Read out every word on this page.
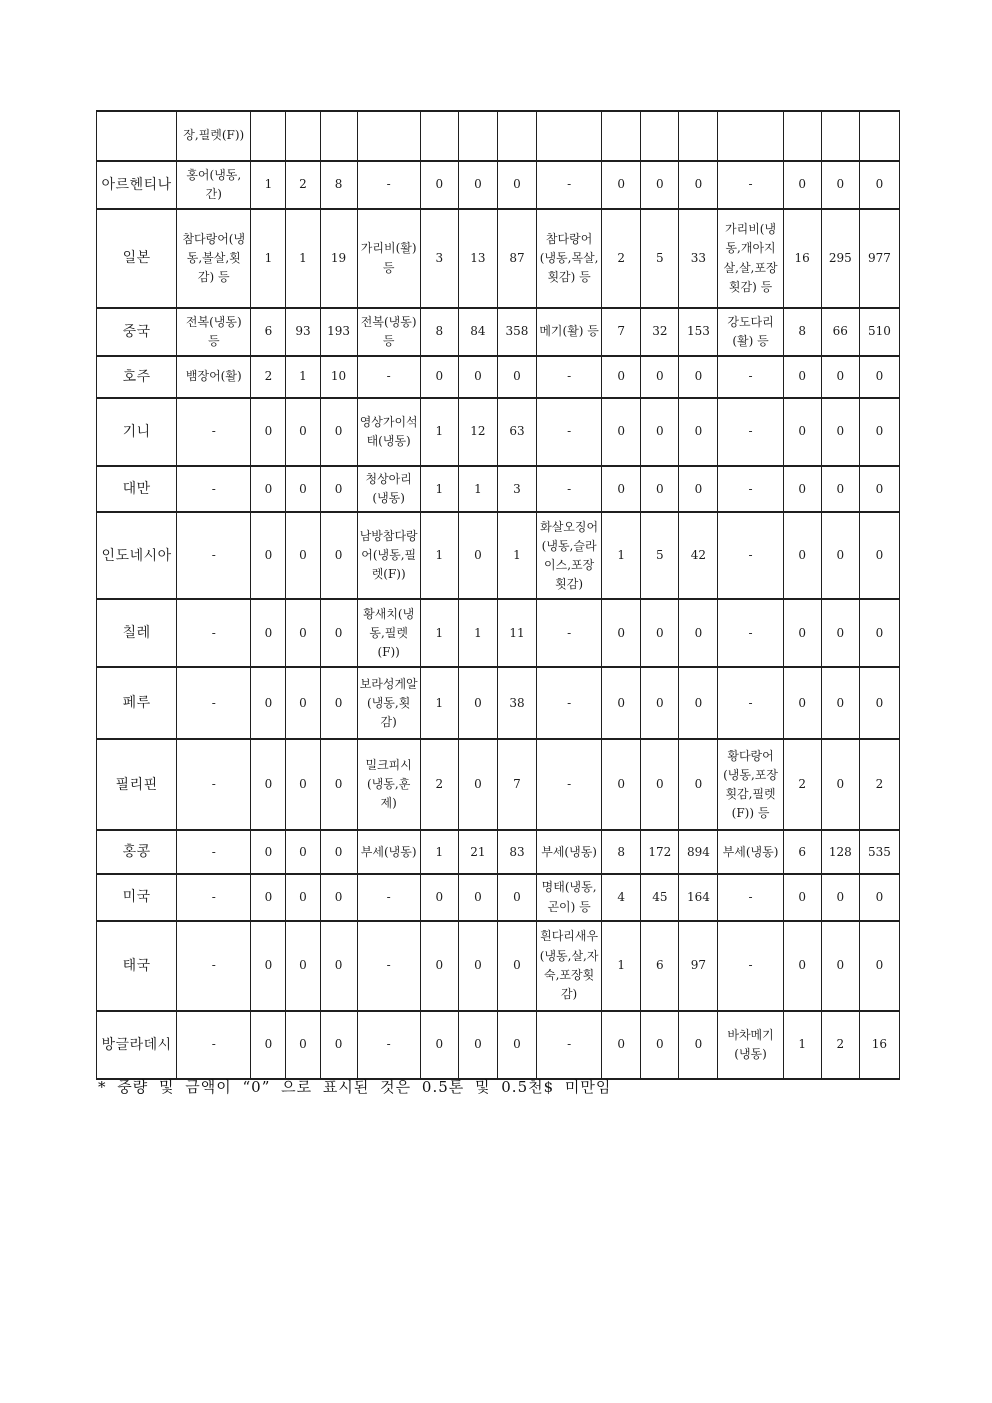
	장,필렛(F))															
아르헨티나	홍어(냉동,간)	1	2	8	-	0	0	0	-	0	0	0	-	0	0	0
일본	참다랑어(냉동,볼살,횟감) 등	1	1	19	가리비(활) 등	3	13	87	참다랑어(냉동,목살,횟감) 등	2	5	33	가리비(냉동,개아지살,살,포장횟감) 등	16	295	977
중국	전복(냉동) 등	6	93	193	전복(냉동) 등	8	84	358	메기(활) 등	7	32	153	강도다리(활) 등	8	66	510
호주	뱀장어(활)	2	1	10	-	0	0	0	-	0	0	0	-	0	0	0
기니	-	0	0	0	영상가이석태(냉동)	1	12	63	-	0	0	0	-	0	0	0
대만	-	0	0	0	청상아리(냉동)	1	1	3	-	0	0	0	-	0	0	0
인도네시아	-	0	0	0	남방참다랑어(냉동,필렛(F))	1	0	1	화살오징어(냉동,슬라이스,포장횟감)	1	5	42	-	0	0	0
칠레	-	0	0	0	황새치(냉동,필렛(F))	1	1	11	-	0	0	0	-	0	0	0
페루	-	0	0	0	보라성게알(냉동,횟감)	1	0	38	-	0	0	0	-	0	0	0
필리핀	-	0	0	0	밀크피시(냉동,훈제)	2	0	7	-	0	0	0	황다랑어(냉동,포장횟감,필렛(F)) 등	2	0	2
홍콩	-	0	0	0	부세(냉동)	1	21	83	부세(냉동)	8	172	894	부세(냉동)	6	128	535
미국	-	0	0	0	-	0	0	0	명태(냉동,곤이) 등	4	45	164	-	0	0	0
태국	-	0	0	0	-	0	0	0	흰다리새우(냉동,살,자숙,포장횟감)	1	6	97	-	0	0	0
방글라데시	-	0	0	0	-	0	0	0	-	0	0	0	바차메기(냉동)	1	2	16
* 중량 및 금액이 “0” 으로 표시된 것은 0.5톤 및 0.5천$ 미만임
